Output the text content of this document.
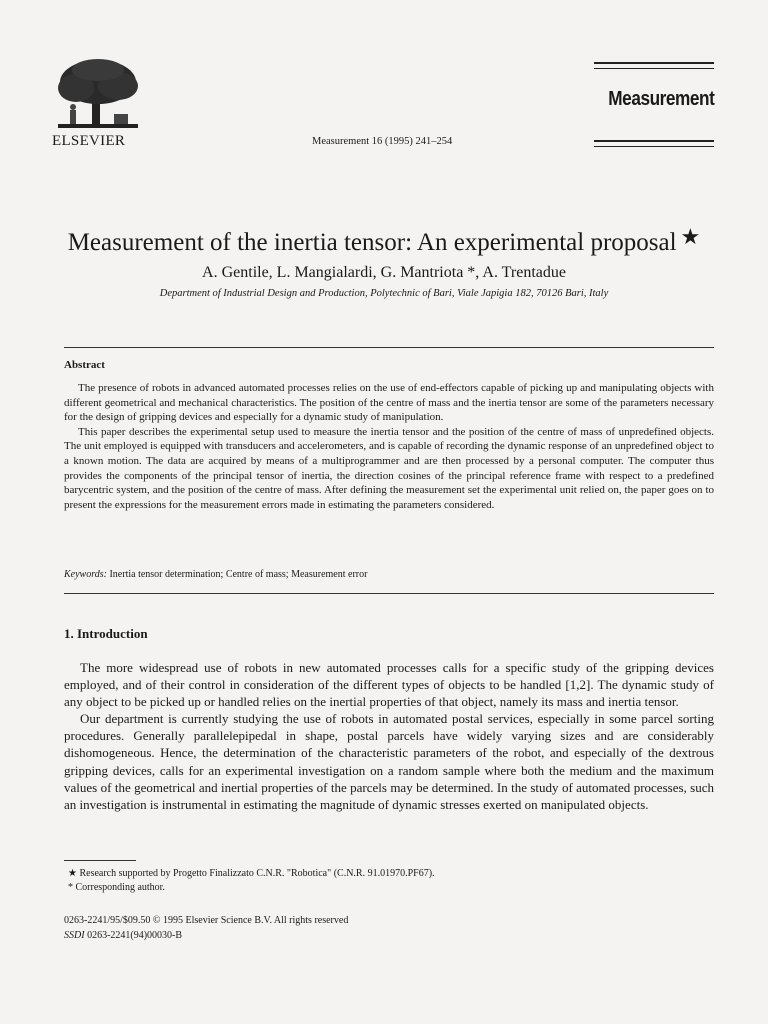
ELSEVIER	Measurement 16 (1995) 241–254
Measurement
Measurement of the inertia tensor: An experimental proposal ★
A. Gentile, L. Mangialardi, G. Mantriota *, A. Trentadue
Department of Industrial Design and Production, Polytechnic of Bari, Viale Japigia 182, 70126 Bari, Italy
Abstract

The presence of robots in advanced automated processes relies on the use of end-effectors capable of picking up and manipulating objects with different geometrical and mechanical characteristics. The position of the centre of mass and the inertia tensor are some of the parameters necessary for the design of gripping devices and especially for a dynamic study of manipulation.

This paper describes the experimental setup used to measure the inertia tensor and the position of the centre of mass of unpredefined objects. The unit employed is equipped with transducers and accelerometers, and is capable of recording the dynamic response of an unpredefined object to a known motion. The data are acquired by means of a multiprogrammer and are then processed by a personal computer. The computer thus provides the components of the principal tensor of inertia, the direction cosines of the principal reference frame with respect to a predefined barycentric system, and the position of the centre of mass. After defining the measurement set the experimental unit relied on, the paper goes on to present the expressions for the measurement errors made in estimating the parameters considered.

Keywords: Inertia tensor determination; Centre of mass; Measurement error
1. Introduction

The more widespread use of robots in new automated processes calls for a specific study of the gripping devices employed, and of their control in consideration of the different types of objects to be handled [1,2]. The dynamic study of any object to be picked up or handled relies on the inertial properties of that object, namely its mass and inertia tensor.

Our department is currently studying the use of robots in automated postal services, especially in some parcel sorting procedures. Generally parallelepipedal in shape, postal parcels have widely varying sizes and are considerably dishomogeneous. Hence, the determination of the characteristic parameters of the robot, and especially of the dextrous gripping devices, calls for an experimental investigation on a random sample where both the medium and the maximum values of the geometrical and inertial properties of the parcels may be determined. In the study of automated processes, such an investigation is instrumental in estimating the magnitude of dynamic stresses exerted on manipulated objects.

★ Research supported by Progetto Finalizzato C.N.R. "Robotica" (C.N.R. 91.01970.PF67).
* Corresponding author.
0263-2241/95/$09.50 © 1995 Elsevier Science B.V. All rights reserved
SSDI 0263-2241(94)00030-B
